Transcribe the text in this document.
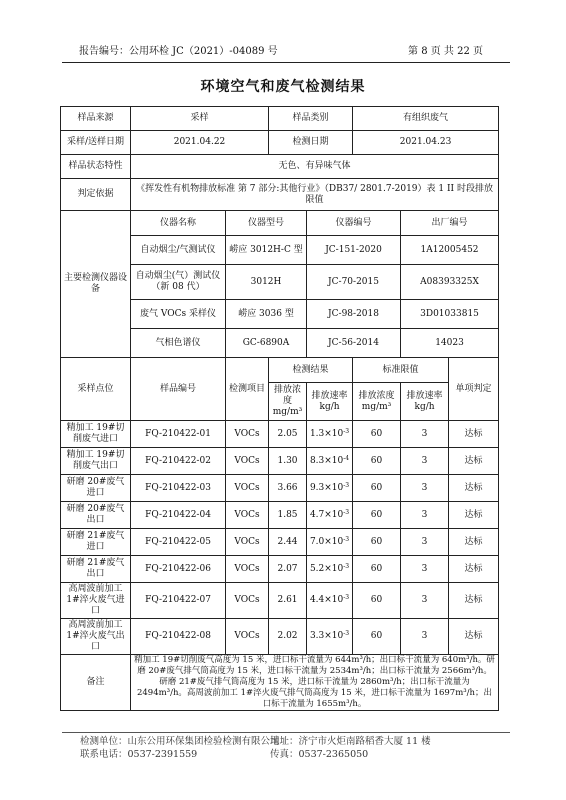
报告编号：公用环检 JC（2021）-04089 号	第 8 页 共 22 页
环境空气和废气检测结果
样品来源	采样		样品类别		有组织废气		
采样/送样日期	2021.04.22		检测日期		2021.04.23		
样品状态特性	无色、有异味气体						
判定依据	《挥发性有机物排放标准 第 7 部分:其他行业》（DB37/ 2801.7-2019）表 1 II 时段排放限值						
主要检测仪器设备	仪器名称	仪器型号		仪器编号		出厂编号	
	自动烟尘/气测试仪	崂应 3012H-C 型		JC-151-2020		1A12005452	
	自动烟尘(气）测试仪（新 08 代）	3012H		JC-70-2015		A08393325X	
	废气 VOCs 采样仪	崂应 3036 型		JC-98-2018		3D01033815	
	气相色谱仪	GC-6890A		JC-56-2014		14023	
采样点位	样品编号	检测项目	检测结果		标准限值		单项判定
			排放浓度mg/m³	排放速率kg/h	排放浓度mg/m³	排放速率kg/h	
精加工 19#切削废气进口	FQ-210422-01	VOCs	2.05	$1.3\times 10^{-3}$	60	3	达标
精加工 19#切削废气出口	FQ-210422-02	VOCs	1.30	$8.3\times 10^{-4}$	60	3	达标
研磨 20#废气进口	FQ-210422-03	VOCs	3.66	$9.3\times 10^{-3}$	60	3	达标
研磨 20#废气出口	FQ-210422-04	VOCs	1.85	$4.7\times 10^{-3}$	60	3	达标
研磨 21#废气进口	FQ-210422-05	VOCs	2.44	$7.0\times 10^{-3}$	60	3	达标
研磨 21#废气出口	FQ-210422-06	VOCs	2.07	$5.2\times 10^{-3}$	60	3	达标
高周波前加工 1#淬火废气进口	FQ-210422-07	VOCs	2.61	$4.4\times 10^{-3}$	60	3	达标
高周波前加工 1#淬火废气出口	FQ-210422-08	VOCs	2.02	$3.3\times 10^{-3}$	60	3	达标
备注	精加工 19#切削废气高度为 15 米，进口标干流量为 644m³/h；出口标干流量为 640m³/h。研磨 20#废气排气筒高度为 15 米，进口标干流量为 2534m³/h；出口标干流量为 2566m³/h。研磨 21#废气排气筒高度为 15 米，进口标干流量为 2860m³/h；出口标干流量为 2494m³/h。高周波前加工 1#淬火废气排气筒高度为 15 米，进口标干流量为 1697m³/h；出口标干流量为 1655m³/h。						
检测单位：山东公用环保集团检验检测有限公司
地址：济宁市火炬南路稻香大厦 11 楼
联系电话：0537-2391559	传真：0537-2365050
